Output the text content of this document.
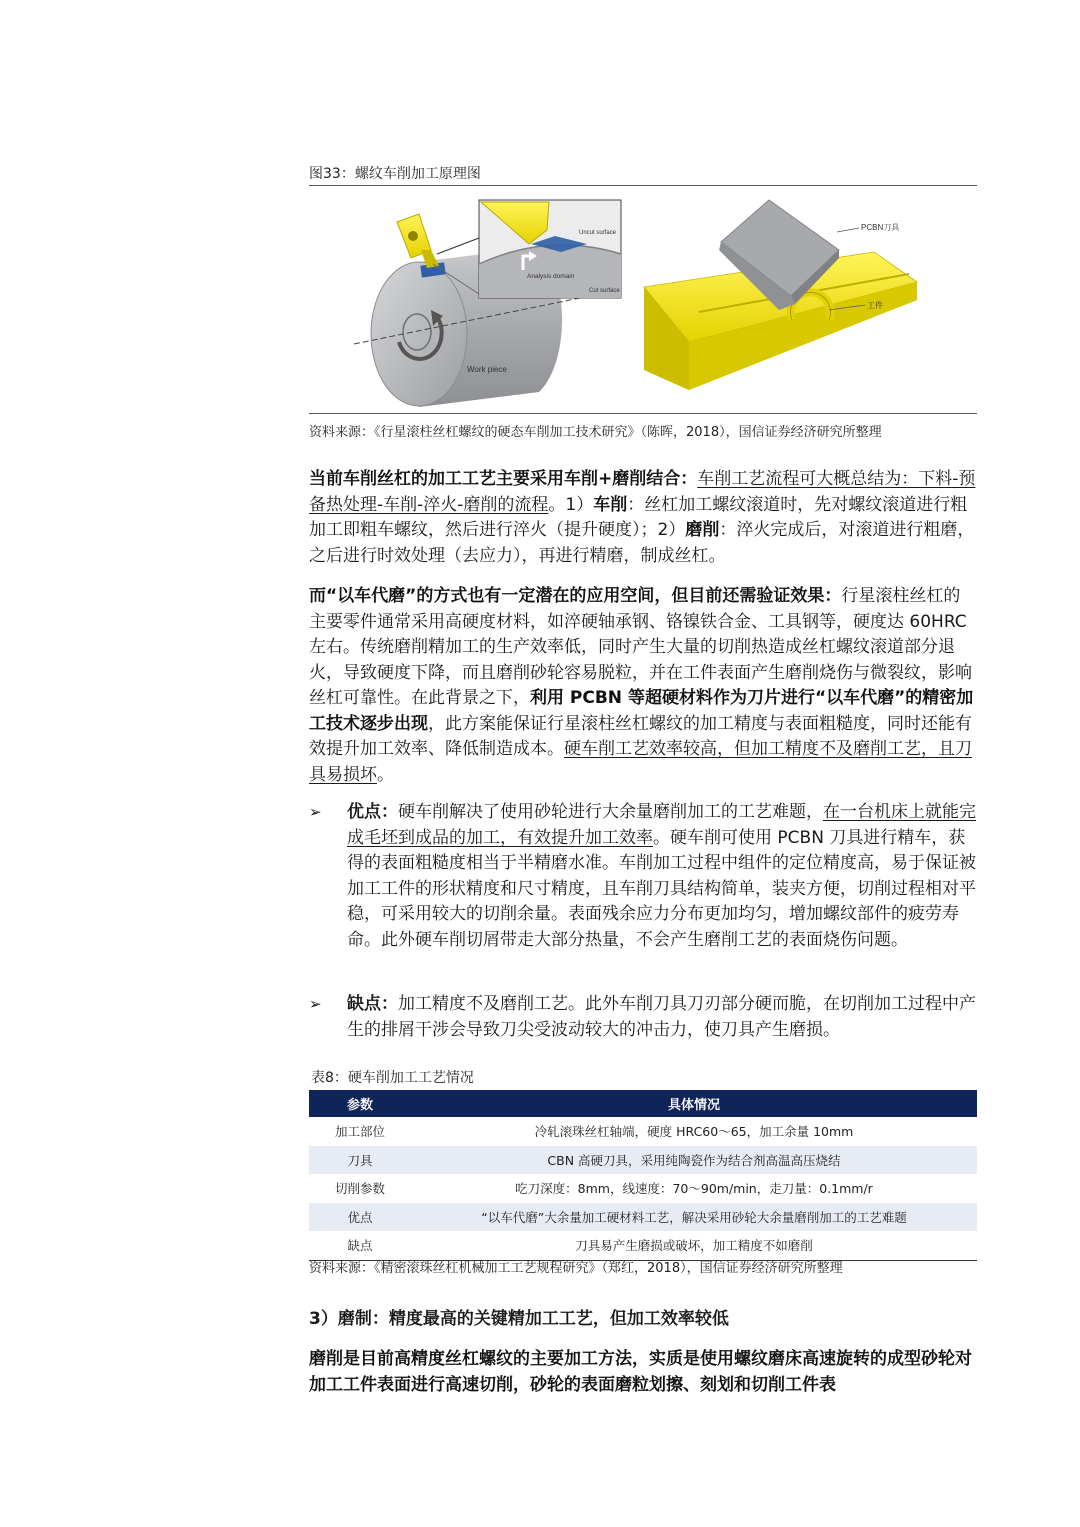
图33：螺纹车削加工原理图
Work piece
Uncut surface
Analysis domain
Cut surface
PCBN刀具
工件
资料来源：《行星滚柱丝杠螺纹的硬态车削加工技术研究》（陈晖，2018），国信证券经济研究所整理

当前车削丝杠的加工工艺主要采用车削+磨削结合：车削工艺流程可大概总结为：下料-预备热处理-车削-淬火-磨削的流程。1）车削：丝杠加工螺纹滚道时，先对螺纹滚道进行粗加工即粗车螺纹，然后进行淬火（提升硬度）；2）磨削：淬火完成后，对滚道进行粗磨，之后进行时效处理（去应力），再进行精磨，制成丝杠。

而“以车代磨”的方式也有一定潜在的应用空间，但目前还需验证效果：行星滚柱丝杠的主要零件通常采用高硬度材料，如淬硬轴承钢、铬镍铁合金、工具钢等，硬度达 60HRC 左右。传统磨削精加工的生产效率低，同时产生大量的切削热造成丝杠螺纹滚道部分退火，导致硬度下降，而且磨削砂轮容易脱粒，并在工件表面产生磨削烧伤与微裂纹，影响丝杠可靠性。在此背景之下，利用 PCBN 等超硬材料作为刀片进行“以车代磨”的精密加工技术逐步出现，此方案能保证行星滚柱丝杠螺纹的加工精度与表面粗糙度，同时还能有效提升加工效率、降低制造成本。硬车削工艺效率较高，但加工精度不及磨削工艺，且刀具易损坏。

➢ 优点：硬车削解决了使用砂轮进行大余量磨削加工的工艺难题，在一台机床上就能完成毛坯到成品的加工，有效提升加工效率。硬车削可使用 PCBN 刀具进行精车，获得的表面粗糙度相当于半精磨水准。车削加工过程中组件的定位精度高，易于保证被加工工件的形状精度和尺寸精度，且车削刀具结构简单，装夹方便，切削过程相对平稳，可采用较大的切削余量。表面残余应力分布更加均匀，增加螺纹部件的疲劳寿命。此外硬车削切屑带走大部分热量，不会产生磨削工艺的表面烧伤问题。
➢ 缺点：加工精度不及磨削工艺。此外车削刀具刀刃部分硬而脆，在切削加工过程中产生的排屑干涉会导致刀尖受波动较大的冲击力，使刀具产生磨损。
表8：硬车削加工工艺情况
参数	具体情况
加工部位	冷轧滚珠丝杠轴端，硬度 HRC60～65，加工余量 10mm
刀具	CBN 高硬刀具，采用纯陶瓷作为结合剂高温高压烧结
切削参数	吃刀深度：8mm，线速度：70～90m/min，走刀量：0.1mm/r
优点	“以车代磨”大余量加工硬材料工艺，解决采用砂轮大余量磨削加工的工艺难题
缺点	刀具易产生磨损或破坏，加工精度不如磨削
资料来源：《精密滚珠丝杠机械加工工艺规程研究》（郑红，2018），国信证券经济研究所整理
3）磨制：精度最高的关键精加工工艺，但加工效率较低

磨削是目前高精度丝杠螺纹的主要加工方法，实质是使用螺纹磨床高速旋转的成型砂轮对加工工件表面进行高速切削，砂轮的表面磨粒划擦、刻划和切削工件表
